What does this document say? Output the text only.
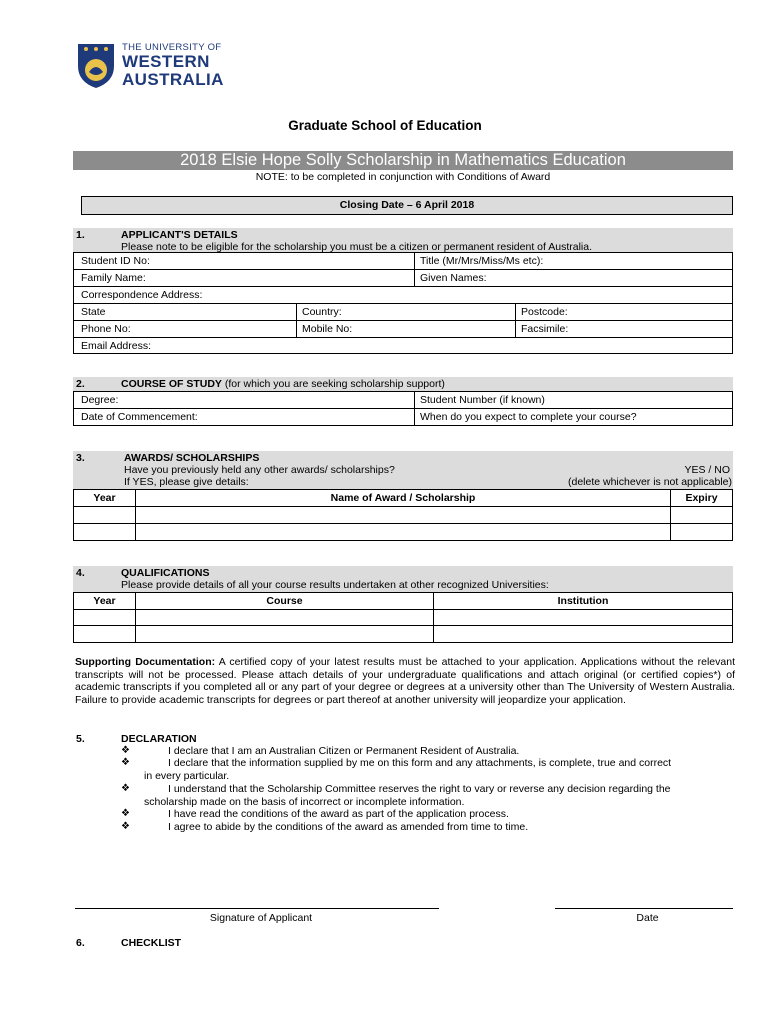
THE UNIVERSITY OF
WESTERN
AUSTRALIA
Graduate School of Education
2018 Elsie Hope Solly Scholarship in Mathematics Education
NOTE: to be completed in conjunction with Conditions of Award
Closing Date – 6 April 2018
1.	APPLICANT'S DETAILS
Please note to be eligible for the scholarship you must be a citizen or permanent resident of Australia.
Student ID No:	Title (Mr/Mrs/Miss/Ms etc):
Family Name:	Given Names:
Correspondence Address:
State	Country:	Postcode:
Phone No:	Mobile No:	Facsimile:
Email Address:
2.	COURSE OF STUDY (for which you are seeking scholarship support)
Degree:	Student Number (if known)
Date of Commencement:	When do you expect to complete your course?
3.	AWARDS/ SCHOLARSHIPS
Have you previously held any other awards/ scholarships?	YES / NO
If YES, please give details:	(delete whichever is not applicable)
Year	Name of Award / Scholarship	Expiry
4.	QUALIFICATIONS
Please provide details of all your course results undertaken at other recognized Universities:
Year	Course	Institution
Supporting Documentation: A certified copy of your latest results must be attached to your application. Applications without the relevant transcripts will not be processed. Please attach details of your undergraduate qualifications and attach original (or certified copies*) of academic transcripts if you completed all or any part of your degree or degrees at a university other than The University of Western Australia. Failure to provide academic transcripts for degrees or part thereof at another university will jeopardize your application.
5.	DECLARATION
❖	I declare that I am an Australian Citizen or Permanent Resident of Australia.
❖	I declare that the information supplied by me on this form and any attachments, is complete, true and correct
in every particular.
❖	I understand that the Scholarship Committee reserves the right to vary or reverse any decision regarding the
scholarship made on the basis of incorrect or incomplete information.
❖	I have read the conditions of the award as part of the application process.
❖	I agree to abide by the conditions of the award as amended from time to time.
Signature of Applicant	Date
6.	CHECKLIST
